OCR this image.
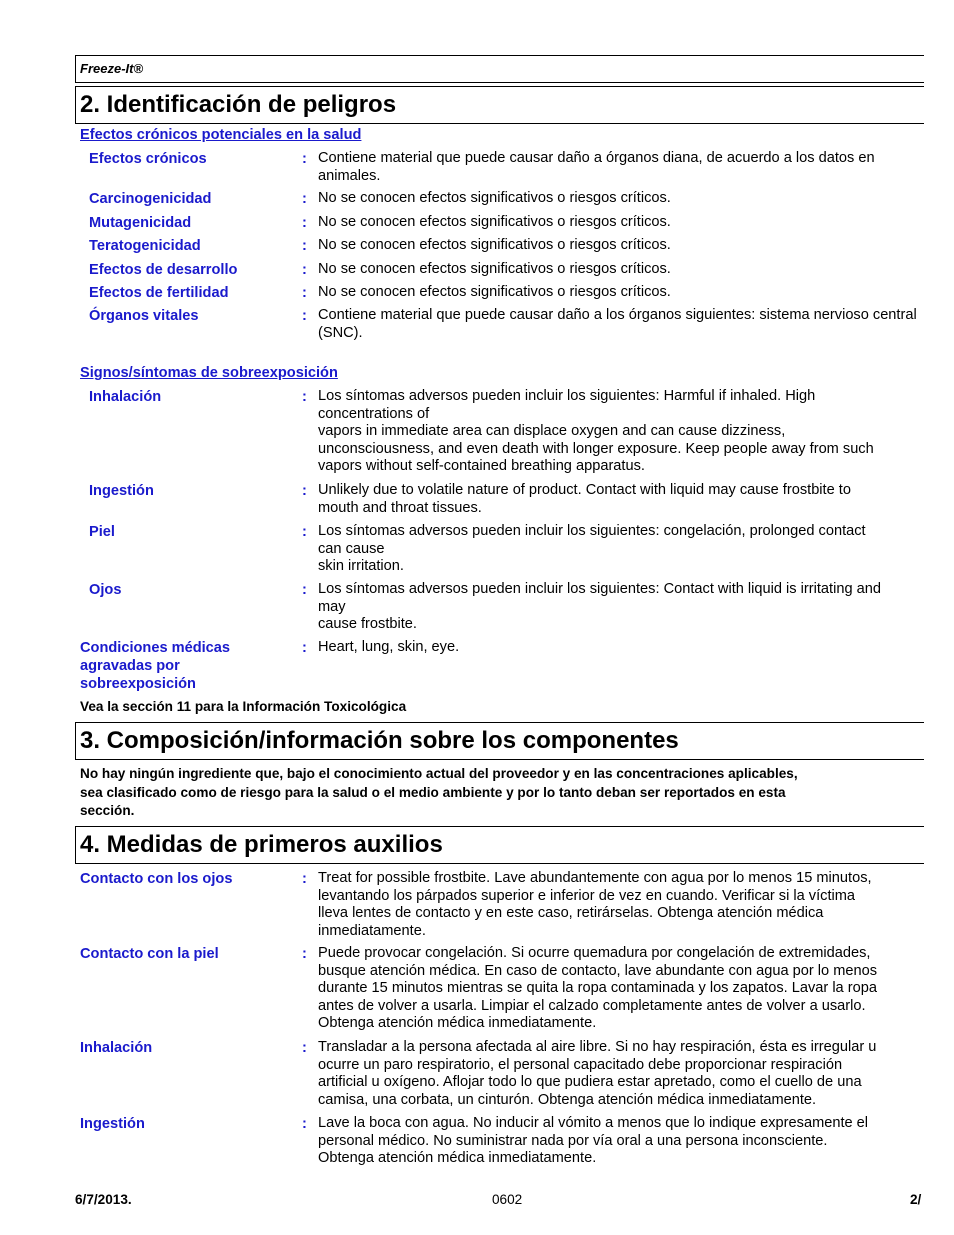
Freeze-It®
2. Identificación de peligros
Efectos crónicos potenciales en la salud
Efectos crónicos	: Contiene material que puede causar daño a órganos diana, de acuerdo a los datos en animales.
Carcinogenicidad	: No se conocen efectos significativos o riesgos críticos.
Mutagenicidad	: No se conocen efectos significativos o riesgos críticos.
Teratogenicidad	: No se conocen efectos significativos o riesgos críticos.
Efectos de desarrollo	: No se conocen efectos significativos o riesgos críticos.
Efectos de fertilidad	: No se conocen efectos significativos o riesgos críticos.
Órganos vitales	: Contiene material que puede causar daño a los órganos siguientes: sistema nervioso central (SNC).
Signos/síntomas de sobreexposición
Inhalación	: Los síntomas adversos pueden incluir los siguientes: Harmful if inhaled. High
concentrations of
vapors in immediate area can displace oxygen and can cause dizziness,
unconsciousness, and even death with longer exposure. Keep people away from such
vapors without self-contained breathing apparatus.
Ingestión	: Unlikely due to volatile nature of product. Contact with liquid may cause frostbite to
mouth and throat tissues.
Piel	: Los síntomas adversos pueden incluir los siguientes: congelación, prolonged contact
can cause
skin irritation.
Ojos	: Los síntomas adversos pueden incluir los siguientes: Contact with liquid is irritating and
may
cause frostbite.
Condiciones médicas
agravadas por
sobreexposición
: Heart, lung, skin, eye.
Vea la sección 11 para la Información Toxicológica
3. Composición/información sobre los componentes
No hay ningún ingrediente que, bajo el conocimiento actual del proveedor y en las concentraciones aplicables,
sea clasificado como de riesgo para la salud o el medio ambiente y por lo tanto deban ser reportados en esta
sección.
4. Medidas de primeros auxilios
Contacto con los ojos	: Treat for possible frostbite. Lave abundantemente con agua por lo menos 15 minutos,
levantando los párpados superior e inferior de vez en cuando. Verificar si la víctima
lleva lentes de contacto y en este caso, retirárselas. Obtenga atención médica
inmediatamente.
Contacto con la piel	: Puede provocar congelación. Si ocurre quemadura por congelación de extremidades,
busque atención médica. En caso de contacto, lave abundante con agua por lo menos
durante 15 minutos mientras se quita la ropa contaminada y los zapatos. Lavar la ropa
antes de volver a usarla. Limpiar el calzado completamente antes de volver a usarlo.
Obtenga atención médica inmediatamente.
Inhalación	: Transladar a la persona afectada al aire libre. Si no hay respiración, ésta es irregular u
ocurre un paro respiratorio, el personal capacitado debe proporcionar respiración
artificial u oxígeno. Aflojar todo lo que pudiera estar apretado, como el cuello de una
camisa, una corbata, un cinturón. Obtenga atención médica inmediatamente.
Ingestión	: Lave la boca con agua. No inducir al vómito a menos que lo indique expresamente el
personal médico. No suministrar nada por vía oral a una persona inconsciente.
Obtenga atención médica inmediatamente.
6/7/2013.	0602	2/
